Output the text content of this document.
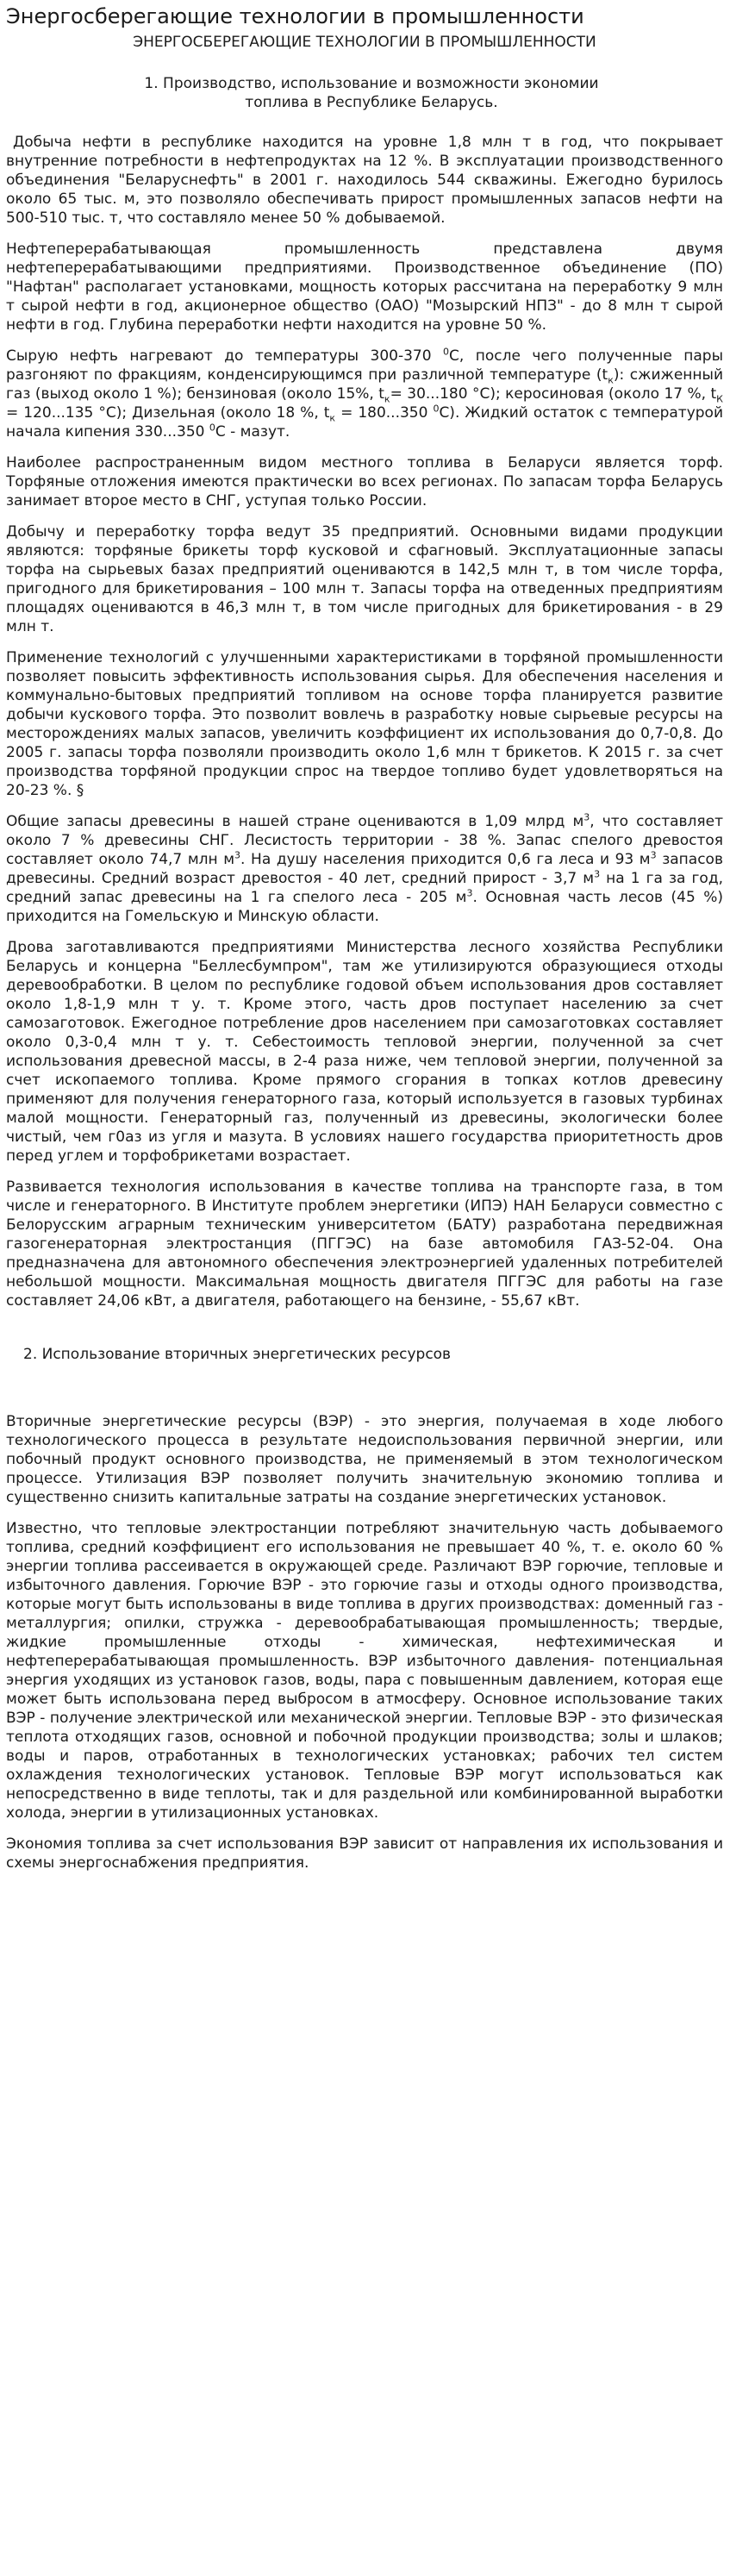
Энергосберегающие технологии в промышленности
ЭНЕРГОСБЕРЕГАЮЩИЕ ТЕХНОЛОГИИ В ПРОМЫШЛЕННОСТИ
1. Производство, использование и возможности экономии
топлива в Республике Беларусь.

Добыча нефти в республике находится на уровне 1,8 млн т в год, что покрывает внутренние потребности в нефтепродуктах на 12 %. В эксплуатации производственного объединения "Беларуснефть" в 2001 г. находилось 544 скважины. Ежегодно бурилось около 65 тыс. м, это позволяло обеспечивать прирост промышленных запасов нефти на 500-510 тыс. т, что составляло менее 50 % добываемой.

Нефтеперерабатывающая промышленность представлена двумя нефтеперерабатывающими предприятиями. Производственное объединение (ПО) "Нафтан" располагает установками, мощность которых рассчитана на переработку 9 млн т сырой нефти в год, акционерное общество (ОАО) "Мозырский НПЗ" - до 8 млн т сырой нефти в год. Глубина переработки нефти находится на уровне 50 %.

Сырую нефть нагревают до температуры 300-370 $^0$С, после чего полученные пары разгоняют по фракциям, конденсирующимся при различной температуре $(t_к)$: сжиженный газ (выход около 1 %); бензиновая (около 15%, $t_к= 30...180$ °С); керосиновая (около 17 %, $t_К = 120...135$ °С); Дизельная (около 18 %, $t_к = 180...350$ $^0$С). Жидкий остаток с температурой начала кипения 330...350 $^0$С - мазут.

Наиболее распространенным видом местного топлива в Беларуси является торф. Торфяные отложения имеются практически во всех регионах. По запасам торфа Беларусь занимает второе место в СНГ, уступая только России.

Добычу и переработку торфа ведут 35 предприятий. Основными видами продукции являются: торфяные брикеты торф кусковой и сфагновый. Эксплуатационные запасы торфа на сырьевых базах предприятий оцениваются в 142,5 млн т, в том числе торфа, пригодного для брикетирования – 100 млн т. Запасы торфа на отведенных предприятиям площадях оцениваются в 46,3 млн т, в том числе пригодных для брикетирования - в 29 млн т.

Применение технологий с улучшенными характеристиками в торфяной промышленности позволяет повысить эффективность использования сырья. Для обеспечения населения и коммунально-бытовых предприятий топливом на основе торфа планируется развитие добычи кускового торфа. Это позволит вовлечь в разработку новые сырьевые ресурсы на месторождениях малых запасов, увеличить коэффициент их использования до 0,7-0,8. До 2005 г. запасы торфа позволяли производить около 1,6 млн т брикетов. К 2015 г. за счет производства торфяной продукции спрос на твердое топливо будет удовлетворяться на 20-23 %. §

Общие запасы древесины в нашей стране оцениваются в 1,09 млрд $м^3$, что составляет около 7 % древесины СНГ. Лесистость территории - 38 %. Запас спелого древостоя составляет около 74,7 млн $м^3$. На душу населения приходится 0,6 га леса и 93 $м^3$ запасов древесины. Средний возраст древостоя - 40 лет, средний прирост - 3,7 $м^3$ на 1 га за год, средний запас древесины на 1 га спелого леса - 205 $м^3$. Основная часть лесов (45 %) приходится на Гомельскую и Минскую области.

Дрова заготавливаются предприятиями Министерства лесного хозяйства Республики Беларусь и концерна "Беллесбумпром", там же утилизируются образующиеся отходы деревообработки. В целом по республике годовой объем использования дров составляет около 1,8-1,9 млн т у. т. Кроме этого, часть дров поступает населению за счет самозаготовок. Ежегодное потребление дров населением при самозаготовках составляет около 0,3-0,4 млн т у. т. Себестоимость тепловой энергии, полученной за счет использования древесной массы, в 2-4 раза ниже, чем тепловой энергии, полученной за счет ископаемого топлива. Кроме прямого сгорания в топках котлов древесину применяют для получения генераторного газа, который используется в газовых турбинах малой мощности. Генераторный газ, полученный из древесины, экологически более чистый, чем г0аз из угля и мазута. В условиях нашего государства приоритетность дров перед углем и торфобрикетами возрастает.

Развивается технология использования в качестве топлива на транспорте газа, в том числе и генераторного. В Институте проблем энергетики (ИПЭ) НАН Беларуси совместно с Белорусским аграрным техническим университетом (БАТУ) разработана передвижная газогенераторная электростанция (ПГГЭС) на базе автомобиля ГАЗ-52-04. Она предназначена для автономного обеспечения электроэнергией удаленных потребителей небольшой мощности. Максимальная мощность двигателя ПГГЭС для работы на газе составляет 24,06 кВт, а двигателя, работающего на бензине, - 55,67 кВт.

2. Использование вторичных энергетических ресурсов

Вторичные энергетические ресурсы (ВЭР) - это энергия, получаемая в ходе любого технологического процесса в результате недоиспользования первичной энергии, или побочный продукт основного производства, не применяемый в этом технологическом процессе. Утилизация ВЭР позволяет получить значительную экономию топлива и существенно снизить капитальные затраты на создание энергетических установок.

Известно, что тепловые электростанции потребляют значительную часть добываемого топлива, средний коэффициент его использования не превышает 40 %, т. е. около 60 % энергии топлива рассеивается в окружающей среде. Различают ВЭР горючие, тепловые и избыточного давления. Горючие ВЭР - это горючие газы и отходы одного производства, которые могут быть использованы в виде топлива в других производствах: доменный газ - металлургия; опилки, стружка - деревообрабатывающая промышленность; твердые, жидкие промышленные отходы - химическая, нефтехимическая и нефтеперерабатывающая промышленность. ВЭР избыточного давления- потенциальная энергия уходящих из установок газов, воды, пара с повышенным давлением, которая еще может быть использована перед выбросом в атмосферу. Основное использование таких ВЭР - получение электрической или механической энергии. Тепловые ВЭР - это физическая теплота отходящих газов, основной и побочной продукции производства; золы и шлаков; воды и паров, отработанных в технологических установках; рабочих тел систем охлаждения технологических установок. Тепловые ВЭР могут использоваться как непосредственно в виде теплоты, так и для раздельной или комбинированной выработки холода, энергии в утилизационных установках.

Экономия топлива за счет использования ВЭР зависит от направления их использования и схемы энергоснабжения предприятия.
